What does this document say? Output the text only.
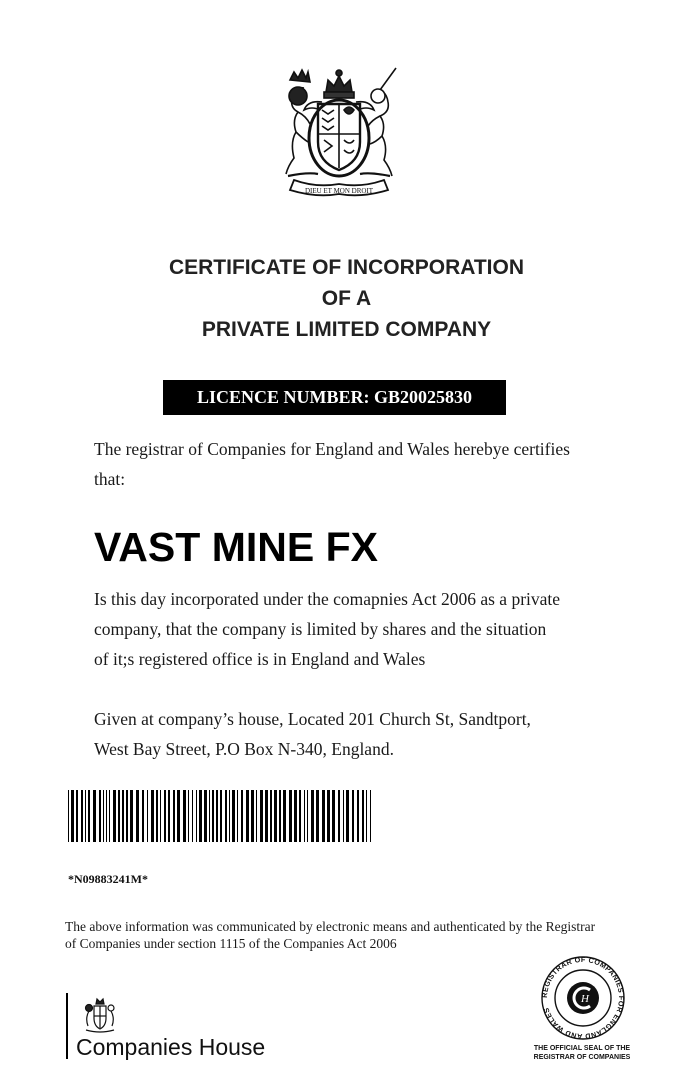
DIEU ET MON DROIT
CERTIFICATE OF INCORPORATION
OF A
PRIVATE LIMITED COMPANY
LICENCE NUMBER: GB20025830
The registrar of Companies for England and Wales herebye certifies
that:
VAST MINE FX
Is this day incorporated under the comapnies Act 2006 as a private
company, that the company is limited by shares and the situation
of it;s registered office is in England and Wales
Given at company’s house, Located 201 Church St, Sandtport,
West Bay Street, P.O Box N-340, England.
*N09883241M*
The above information was communicated by electronic means and authenticated by the Registrar
of Companies under section 1115 of the Companies Act 2006
Companies House
REGISTRAR OF COMPANIES FOR ENGLAND AND WALES
H
THE OFFICIAL SEAL OF THE
REGISTRAR OF COMPANIES
